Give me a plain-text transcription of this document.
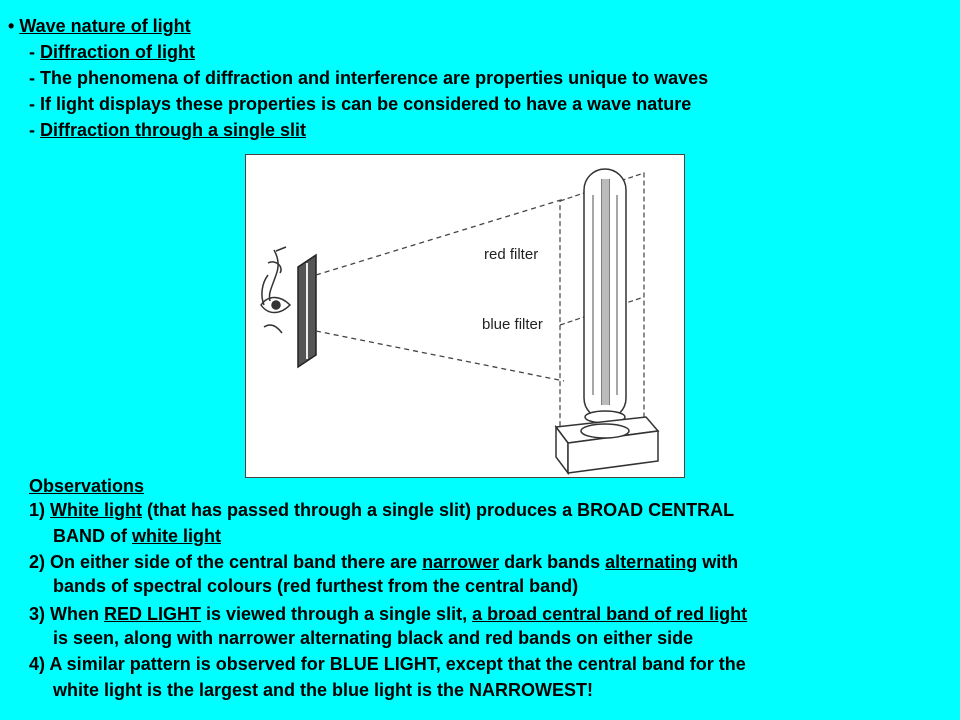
• Wave nature of light
- Diffraction of light
- The phenomena of diffraction and interference are properties unique to waves
- If light displays these properties is can be considered to have a wave nature
- Diffraction through a single slit
red filter
blue filter
Observations
1) White light (that has passed through a single slit) produces a BROAD CENTRAL
BAND of white light
2) On either side of the central band there are narrower dark bands alternating with
bands of spectral colours (red furthest from the central band)
3) When RED LIGHT is viewed through a single slit, a broad central band of red light
is seen, along with narrower alternating black and red bands on either side
4) A similar pattern is observed for BLUE LIGHT, except that the central band for the
white light is the largest and the blue light is the NARROWEST!
